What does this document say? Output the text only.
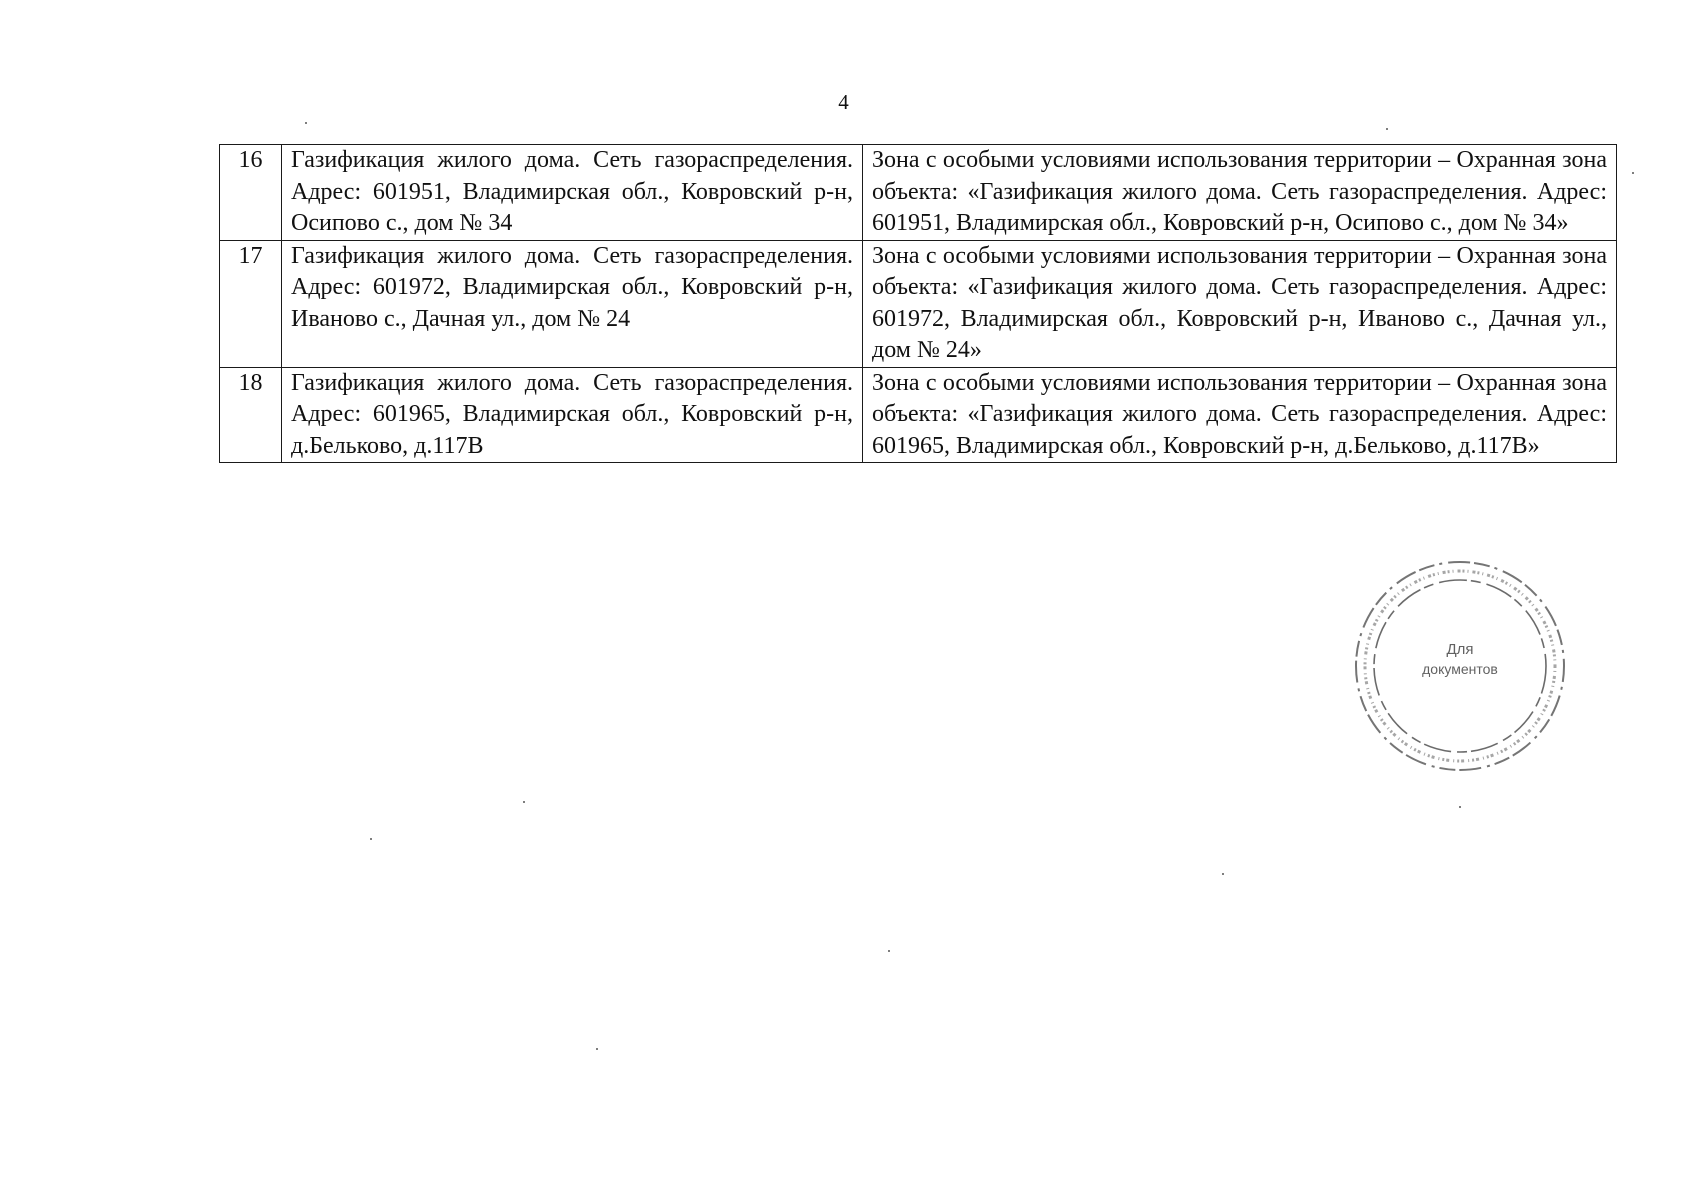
4
16	Газификация жилого дома. Сеть газораспределения. Адрес: 601951, Владимирская обл., Ковровский р-н, Осипово с., дом № 34	Зона с особыми условиями использования территории – Охранная зона объекта: «Газификация жилого дома. Сеть газораспределения. Адрес: 601951, Владимирская обл., Ковровский р-н, Осипово с., дом № 34»
17	Газификация жилого дома. Сеть газораспределения. Адрес: 601972, Владимирская обл., Ковровский р-н, Иваново с., Дачная ул., дом № 24	Зона с особыми условиями использования территории – Охранная зона объекта: «Газификация жилого дома. Сеть газораспределения. Адрес: 601972, Владимирская обл., Ковровский р-н, Иваново с., Дачная ул., дом № 24»
18	Газификация жилого дома. Сеть газораспределения. Адрес: 601965, Владимирская обл., Ковровский р-н, д.Бельково, д.117В	Зона с особыми условиями использования территории – Охранная зона объекта: «Газификация жилого дома. Сеть газораспределения. Адрес: 601965, Владимирская обл., Ковровский р-н, д.Бельково, д.117В»
Для
документов
